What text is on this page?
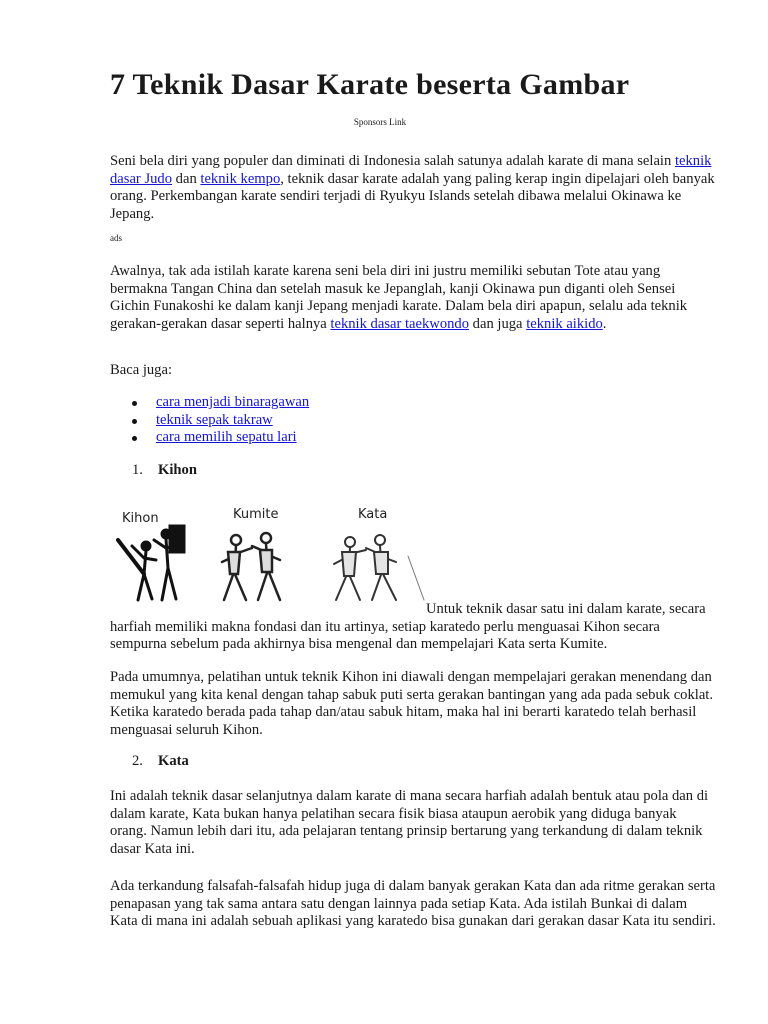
7 Teknik Dasar Karate beserta Gambar
Sponsors Link

Seni bela diri yang populer dan diminati di Indonesia salah satunya adalah karate di mana selain teknik dasar Judo dan teknik kempo, teknik dasar karate adalah yang paling kerap ingin dipelajari oleh banyak orang. Perkembangan karate sendiri terjadi di Ryukyu Islands setelah dibawa melalui Okinawa ke Jepang.

ads

Awalnya, tak ada istilah karate karena seni bela diri ini justru memiliki sebutan Tote atau yang bermakna Tangan China dan setelah masuk ke Jepanglah, kanji Okinawa pun diganti oleh Sensei Gichin Funakoshi ke dalam kanji Jepang menjadi karate. Dalam bela diri apapun, selalu ada teknik gerakan-gerakan dasar seperti halnya teknik dasar taekwondo dan juga teknik aikido.

Baca juga:

cara menjadi binaragawan
teknik sepak takraw
cara memilih sepatu lari
1. Kihon
Kihon	Kumite	Kata

Untuk teknik dasar satu ini dalam karate, secara harfiah memiliki makna fondasi dan itu artinya, setiap karatedo perlu menguasai Kihon secara sempurna sebelum pada akhirnya bisa mengenal dan mempelajari Kata serta Kumite.

Pada umumnya, pelatihan untuk teknik Kihon ini diawali dengan mempelajari gerakan menendang dan memukul yang kita kenal dengan tahap sabuk puti serta gerakan bantingan yang ada pada sebuk coklat. Ketika karatedo berada pada tahap dan/atau sabuk hitam, maka hal ini berarti karatedo telah berhasil menguasai seluruh Kihon.

2. Kata

Ini adalah teknik dasar selanjutnya dalam karate di mana secara harfiah adalah bentuk atau pola dan di dalam karate, Kata bukan hanya pelatihan secara fisik biasa ataupun aerobik yang diduga banyak orang. Namun lebih dari itu, ada pelajaran tentang prinsip bertarung yang terkandung di dalam teknik dasar Kata ini.

Ada terkandung falsafah-falsafah hidup juga di dalam banyak gerakan Kata dan ada ritme gerakan serta penapasan yang tak sama antara satu dengan lainnya pada setiap Kata. Ada istilah Bunkai di dalam Kata di mana ini adalah sebuah aplikasi yang karatedo bisa gunakan dari gerakan dasar Kata itu sendiri.
